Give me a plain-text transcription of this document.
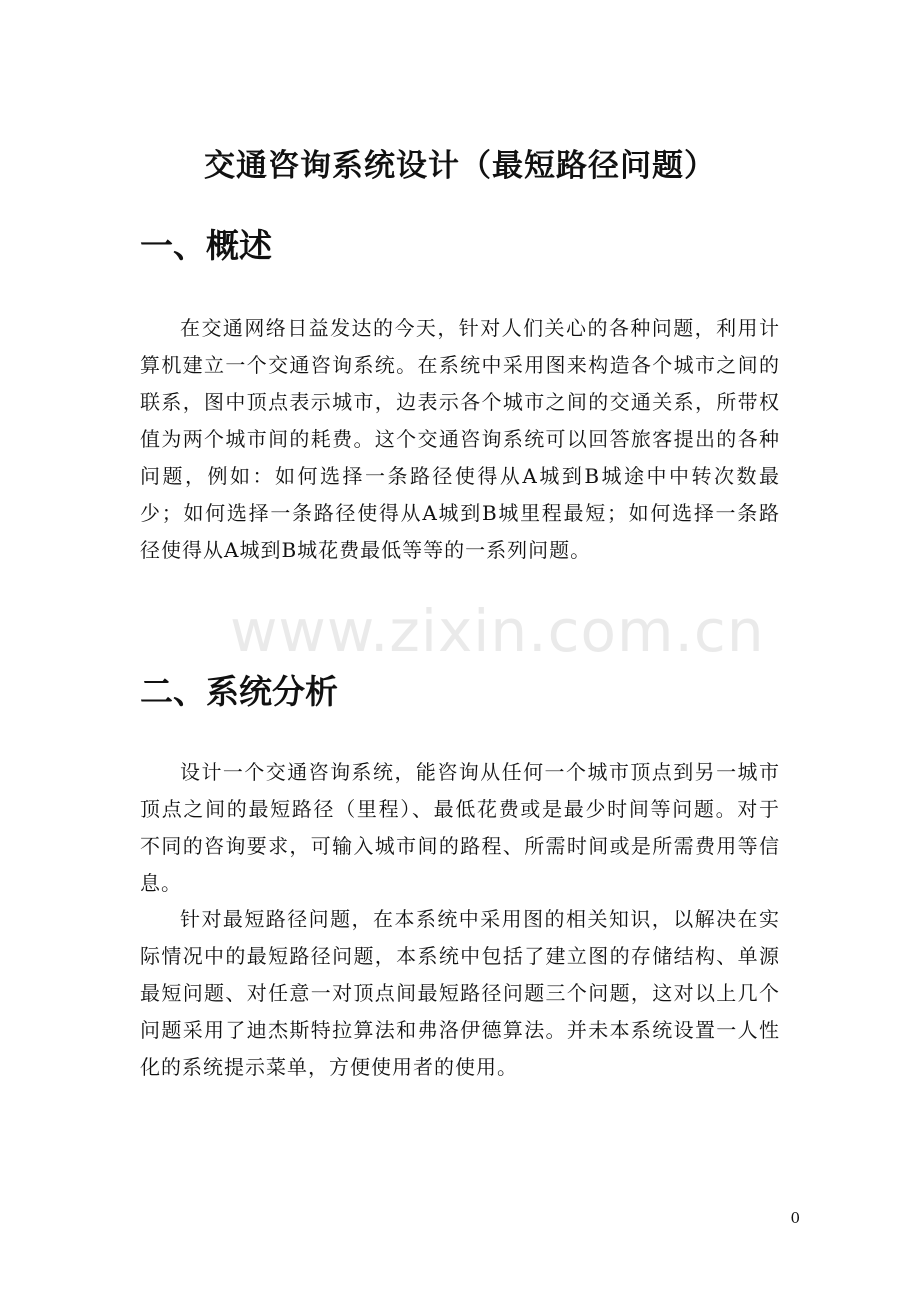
交通咨询系统设计（最短路径问题）
一、概述

在交通网络日益发达的今天，针对人们关心的各种问题，利用计算机建立一个交通咨询系统。在系统中采用图来构造各个城市之间的联系，图中顶点表示城市，边表示各个城市之间的交通关系，所带权值为两个城市间的耗费。这个交通咨询系统可以回答旅客提出的各种问题，例如：如何选择一条路径使得从A城到B城途中中转次数最少；如何选择一条路径使得从A城到B城里程最短；如何选择一条路径使得从A城到B城花费最低等等的一系列问题。

www.zixin.com.cn
二、系统分析

设计一个交通咨询系统，能咨询从任何一个城市顶点到另一城市顶点之间的最短路径（里程）、最低花费或是最少时间等问题。对于不同的咨询要求，可输入城市间的路程、所需时间或是所需费用等信息。

针对最短路径问题，在本系统中采用图的相关知识，以解决在实际情况中的最短路径问题，本系统中包括了建立图的存储结构、单源最短问题、对任意一对顶点间最短路径问题三个问题，这对以上几个问题采用了迪杰斯特拉算法和弗洛伊德算法。并未本系统设置一人性化的系统提示菜单，方便使用者的使用。

0
